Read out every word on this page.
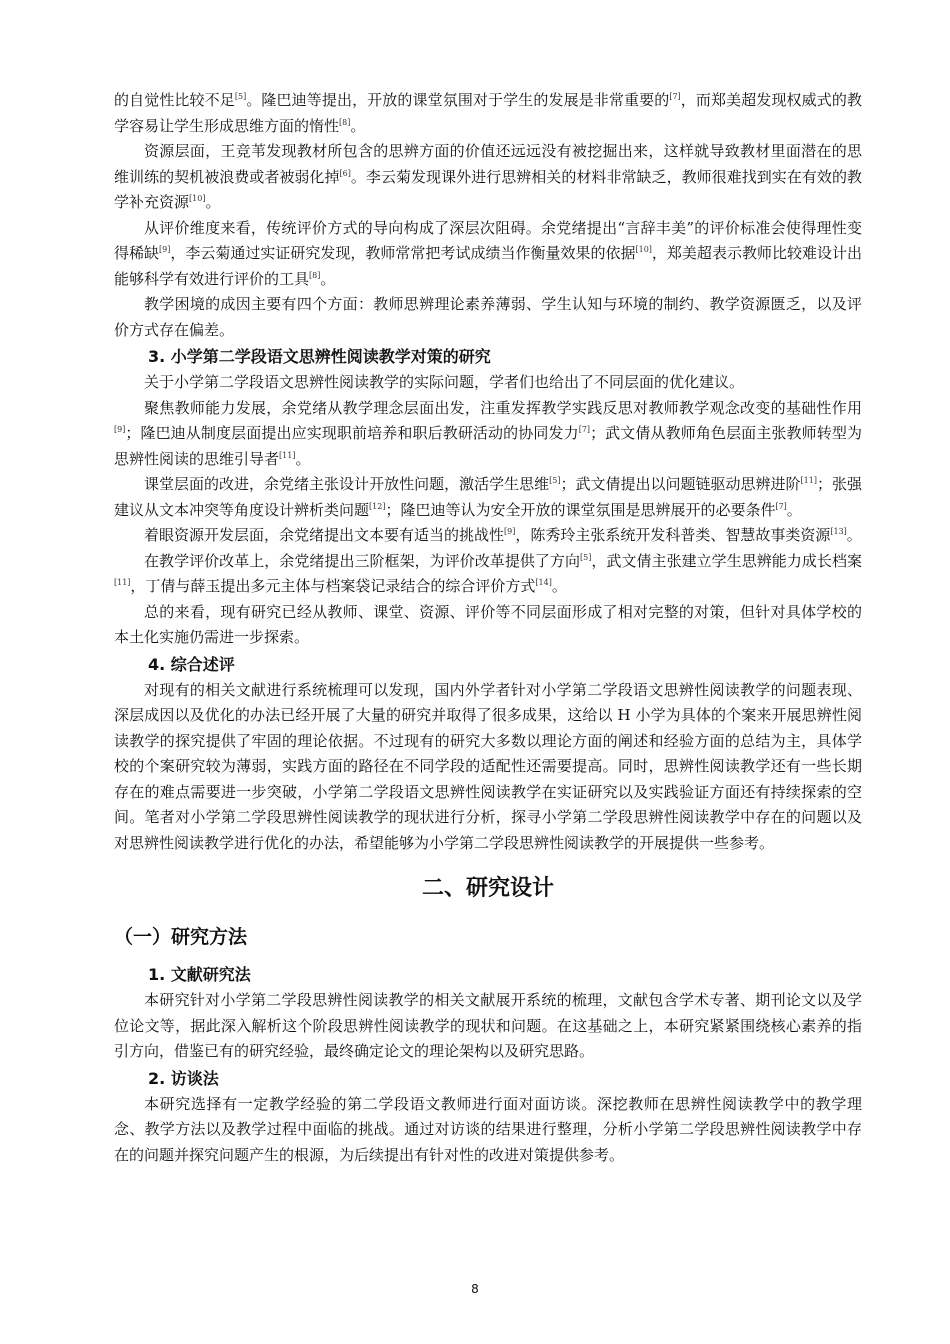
的自觉性比较不足[5]。隆巴迪等提出，开放的课堂氛围对于学生的发展是非常重要的[7]，而郑美超发现权威式的教学容易让学生形成思维方面的惰性[8]。

资源层面，王竞苇发现教材所包含的思辨方面的价值还远远没有被挖掘出来，这样就导致教材里面潜在的思维训练的契机被浪费或者被弱化掉[6]。李云菊发现课外进行思辨相关的材料非常缺乏，教师很难找到实在有效的教学补充资源[10]。

从评价维度来看，传统评价方式的导向构成了深层次阻碍。余党绪提出“言辞丰美”的评价标准会使得理性变得稀缺[9]，李云菊通过实证研究发现，教师常常把考试成绩当作衡量效果的依据[10]，郑美超表示教师比较难设计出能够科学有效进行评价的工具[8]。

教学困境的成因主要有四个方面：教师思辨理论素养薄弱、学生认知与环境的制约、教学资源匮乏，以及评价方式存在偏差。

3. 小学第二学段语文思辨性阅读教学对策的研究

关于小学第二学段语文思辨性阅读教学的实际问题，学者们也给出了不同层面的优化建议。

聚焦教师能力发展，余党绪从教学理念层面出发，注重发挥教学实践反思对教师教学观念改变的基础性作用[9]；隆巴迪从制度层面提出应实现职前培养和职后教研活动的协同发力[7]；武文倩从教师角色层面主张教师转型为思辨性阅读的思维引导者[11]。

课堂层面的改进，余党绪主张设计开放性问题，激活学生思维[5]；武文倩提出以问题链驱动思辨进阶[11]；张强建议从文本冲突等角度设计辨析类问题[12]；隆巴迪等认为安全开放的课堂氛围是思辨展开的必要条件[7]。

着眼资源开发层面，余党绪提出文本要有适当的挑战性[9]，陈秀玲主张系统开发科普类、智慧故事类资源[13]。

在教学评价改革上，余党绪提出三阶框架，为评价改革提供了方向[5]，武文倩主张建立学生思辨能力成长档案[11]，丁倩与薛玉提出多元主体与档案袋记录结合的综合评价方式[14]。

总的来看，现有研究已经从教师、课堂、资源、评价等不同层面形成了相对完整的对策，但针对具体学校的本土化实施仍需进一步探索。

4. 综合述评

对现有的相关文献进行系统梳理可以发现，国内外学者针对小学第二学段语文思辨性阅读教学的问题表现、深层成因以及优化的办法已经开展了大量的研究并取得了很多成果，这给以 H 小学为具体的个案来开展思辨性阅读教学的探究提供了牢固的理论依据。不过现有的研究大多数以理论方面的阐述和经验方面的总结为主，具体学校的个案研究较为薄弱，实践方面的路径在不同学段的适配性还需要提高。同时，思辨性阅读教学还有一些长期存在的难点需要进一步突破，小学第二学段语文思辨性阅读教学在实证研究以及实践验证方面还有持续探索的空间。笔者对小学第二学段思辨性阅读教学的现状进行分析，探寻小学第二学段思辨性阅读教学中存在的问题以及对思辨性阅读教学进行优化的办法，希望能够为小学第二学段思辨性阅读教学的开展提供一些参考。

二、研究设计
（一）研究方法
1. 文献研究法

本研究针对小学第二学段思辨性阅读教学的相关文献展开系统的梳理，文献包含学术专著、期刊论文以及学位论文等，据此深入解析这个阶段思辨性阅读教学的现状和问题。在这基础之上，本研究紧紧围绕核心素养的指引方向，借鉴已有的研究经验，最终确定论文的理论架构以及研究思路。

2. 访谈法

本研究选择有一定教学经验的第二学段语文教师进行面对面访谈。深挖教师在思辨性阅读教学中的教学理念、教学方法以及教学过程中面临的挑战。通过对访谈的结果进行整理，分析小学第二学段思辨性阅读教学中存在的问题并探究问题产生的根源，为后续提出有针对性的改进对策提供参考。

8
